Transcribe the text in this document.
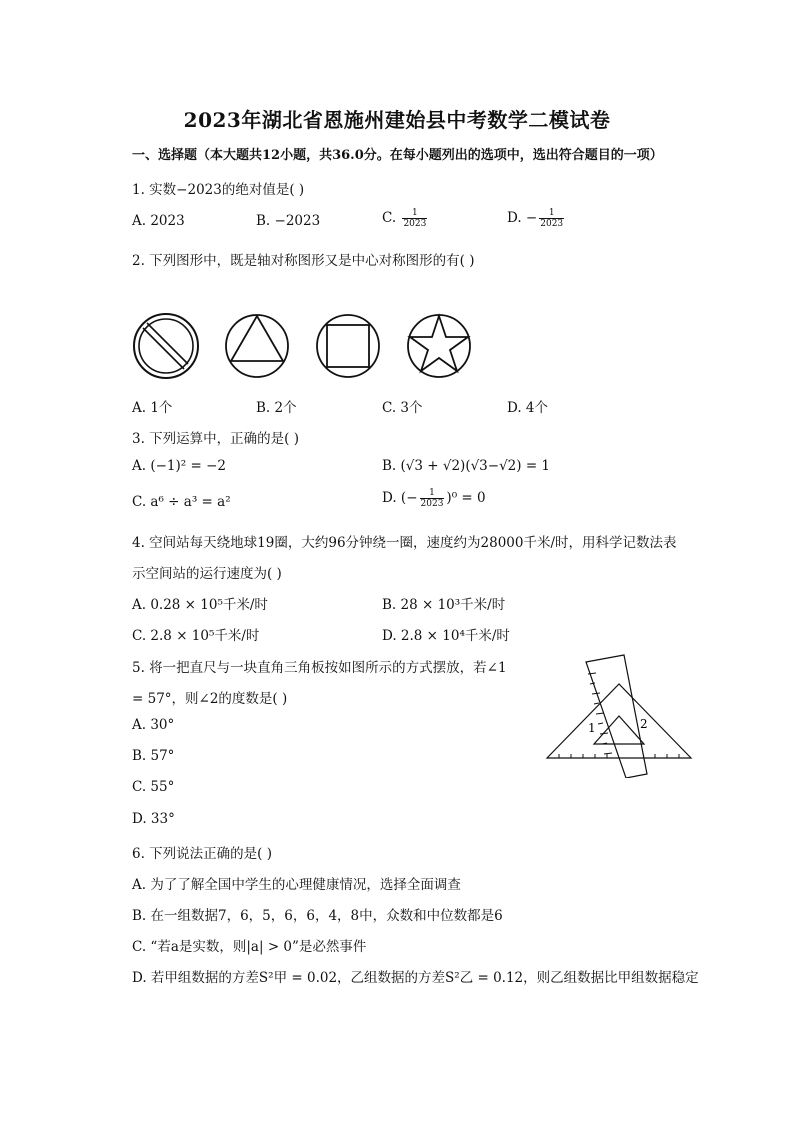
2023年湖北省恩施州建始县中考数学二模试卷
一、选择题（本大题共12小题，共36.0分。在每小题列出的选项中，选出符合题目的一项）
1. 实数−2023的绝对值是( )
A. 2023	B. −2023	C. $\frac{1}{2023}$	D. − $\frac{1}{2023}$
2. 下列图形中，既是轴对称图形又是中心对称图形的有( )
A. 1个	B. 2个	C. 3个	D. 4个
3. 下列运算中，正确的是( )
A. (−1)² = −2	B. (√3 + √2)(√3−√2) = 1
C. a⁶ ÷ a³ = a²	D. (− $\frac{1}{2023} )^0 = 0$
4. 空间站每天绕地球19圈，大约96分钟绕一圈，速度约为28000千米/时，用科学记数法表
示空间站的运行速度为( )
A. 0.28 × 10⁵千米/时	B. 28 × 10³千米/时
C. 2.8 × 10⁵千米/时	D. 2.8 × 10⁴千米/时
5. 将一把直尺与一块直角三角板按如图所示的方式摆放，若∠1
= 57°，则∠2的度数是( )
A. 30°
B. 57°
C. 55°
D. 33°
1	2
6. 下列说法正确的是( )
A. 为了了解全国中学生的心理健康情况，选择全面调查
B. 在一组数据7，6，5，6，6，4，8中，众数和中位数都是6
C. “若a是实数，则|a| > 0”是必然事件
D. 若甲组数据的方差S²甲 = 0.02，乙组数据的方差S²乙 = 0.12，则乙组数据比甲组数据稳定
